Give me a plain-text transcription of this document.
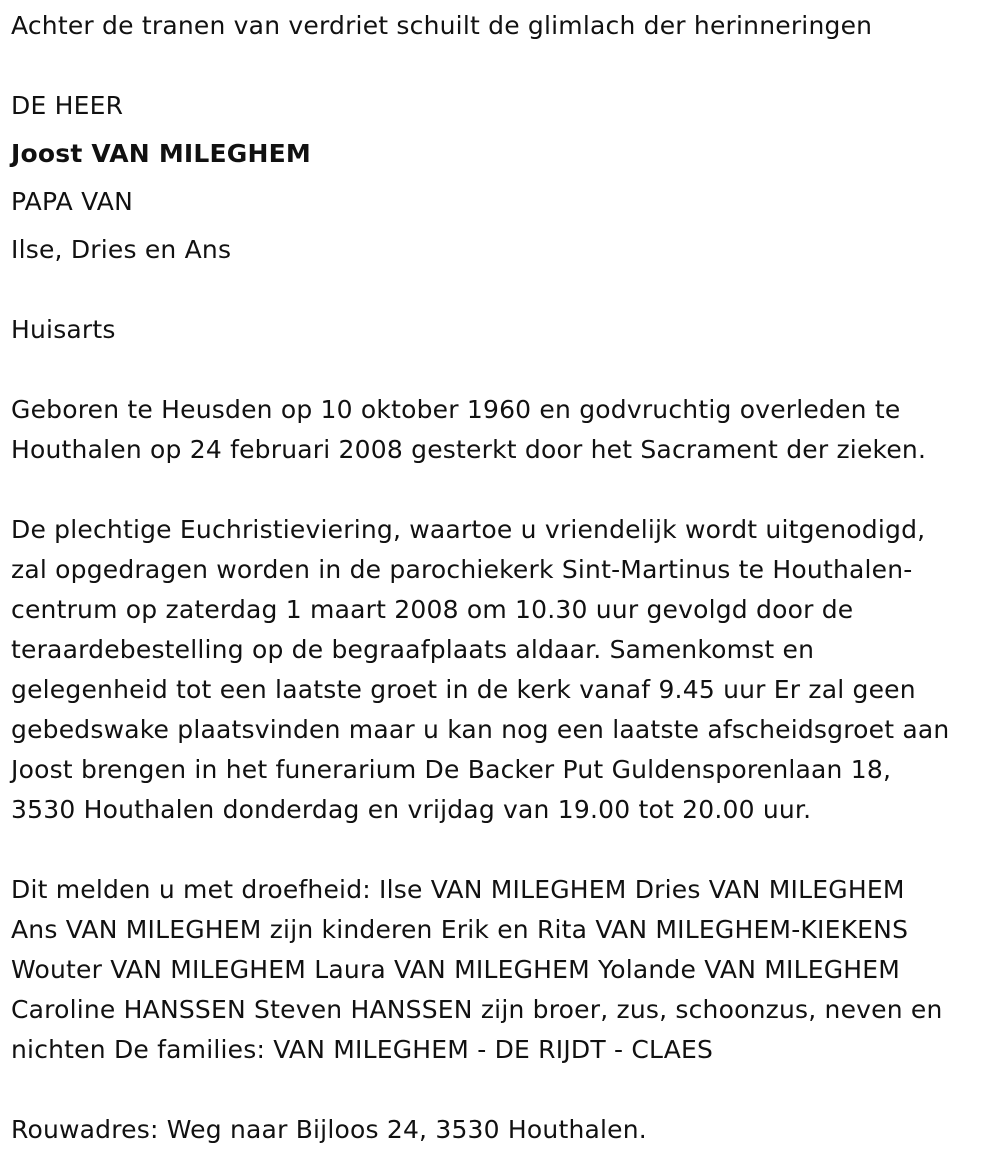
Achter de tranen van verdriet schuilt de glimlach der herinneringen
DE HEER
Joost VAN MILEGHEM
PAPA VAN
Ilse, Dries en Ans
Huisarts
Geboren te Heusden op 10 oktober 1960 en godvruchtig overleden te
Houthalen op 24 februari 2008 gesterkt door het Sacrament der zieken.
De plechtige Euchristieviering, waartoe u vriendelijk wordt uitgenodigd,
zal opgedragen worden in de parochiekerk Sint-Martinus te Houthalen-
centrum op zaterdag 1 maart 2008 om 10.30 uur gevolgd door de
teraardebestelling op de begraafplaats aldaar. Samenkomst en
gelegenheid tot een laatste groet in de kerk vanaf 9.45 uur Er zal geen
gebedswake plaatsvinden maar u kan nog een laatste afscheidsgroet aan
Joost brengen in het funerarium De Backer Put Guldensporenlaan 18,
3530 Houthalen donderdag en vrijdag van 19.00 tot 20.00 uur.
Dit melden u met droefheid: Ilse VAN MILEGHEM Dries VAN MILEGHEM
Ans VAN MILEGHEM zijn kinderen Erik en Rita VAN MILEGHEM-KIEKENS
Wouter VAN MILEGHEM Laura VAN MILEGHEM Yolande VAN MILEGHEM
Caroline HANSSEN Steven HANSSEN zijn broer, zus, schoonzus, neven en
nichten De families: VAN MILEGHEM - DE RIJDT - CLAES
Rouwadres: Weg naar Bijloos 24, 3530 Houthalen.
